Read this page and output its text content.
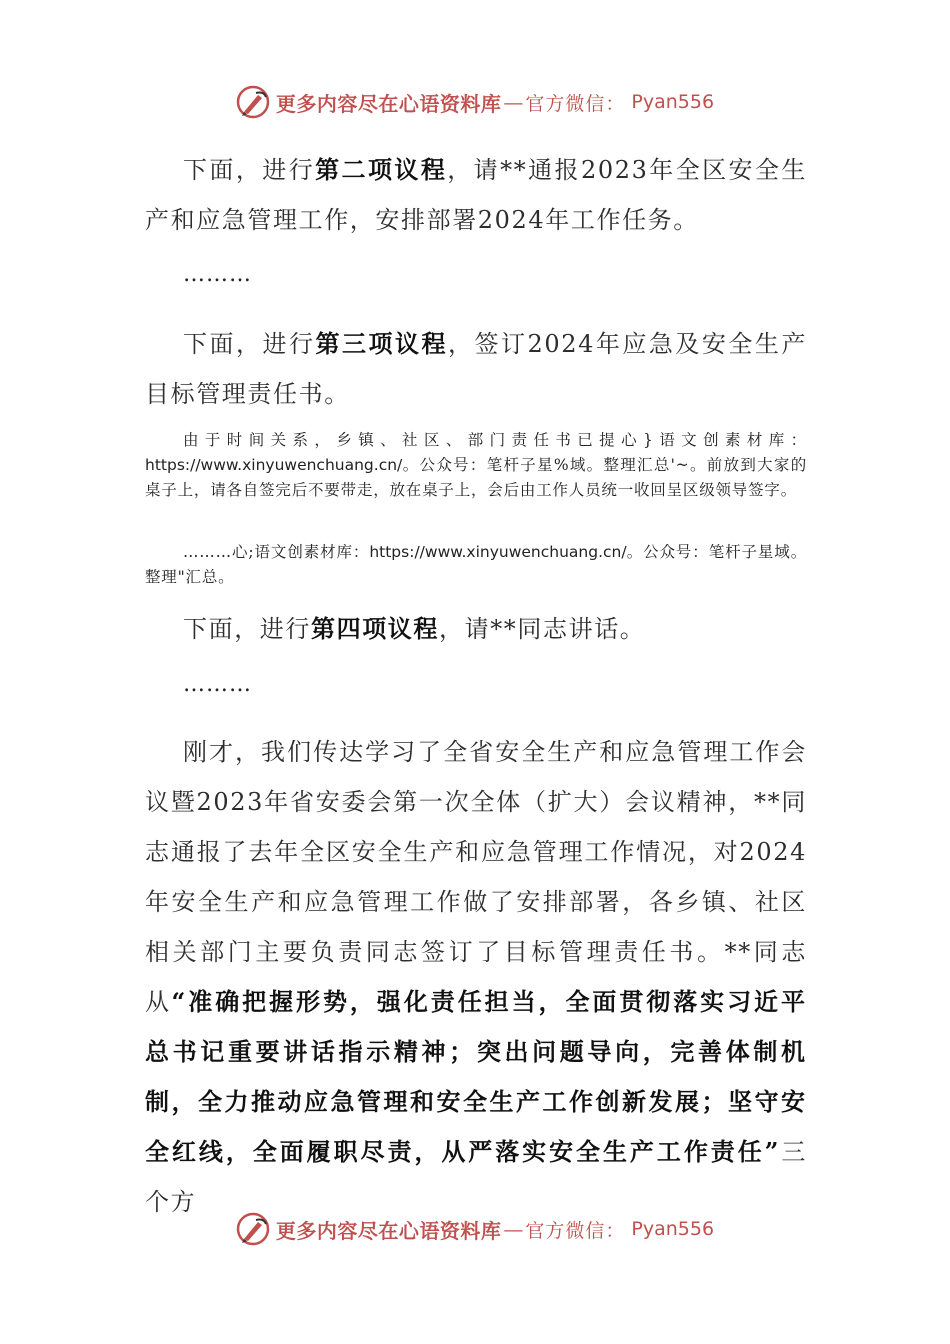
更多内容尽在心语资料库 — 官方微信： Pyan556

下面，进行第二项议程，请**通报2023年全区安全生产和应急管理工作，安排部署2024年工作任务。

………

下面，进行第三项议程，签订2024年应急及安全生产目标管理责任书。

由于时间关系，乡镇、社区、部门责任书已提心}语文创素材库：https://www.xinyuwenchuang.cn/。公众号：笔杆子星%域。整理汇总'~。前放到大家的桌子上，请各自签完后不要带走，放在桌子上，会后由工作人员统一收回呈区级领导签字。

………心;语文创素材库：https://www.xinyuwenchuang.cn/。公众号：笔杆子星域。整理"汇总。

下面，进行第四项议程，请**同志讲话。

………

刚才，我们传达学习了全省安全生产和应急管理工作会议暨2023年省安委会第一次全体（扩大）会议精神，**同志通报了去年全区安全生产和应急管理工作情况，对2024年安全生产和应急管理工作做了安排部署，各乡镇、社区相关部门主要负责同志签订了目标管理责任书。**同志从“准确把握形势，强化责任担当，全面贯彻落实习近平总书记重要讲话指示精神；突出问题导向，完善体制机制，全力推动应急管理和安全生产工作创新发展；坚守安全红线，全面履职尽责，从严落实安全生产工作责任”三个方

更多内容尽在心语资料库 — 官方微信： Pyan556
